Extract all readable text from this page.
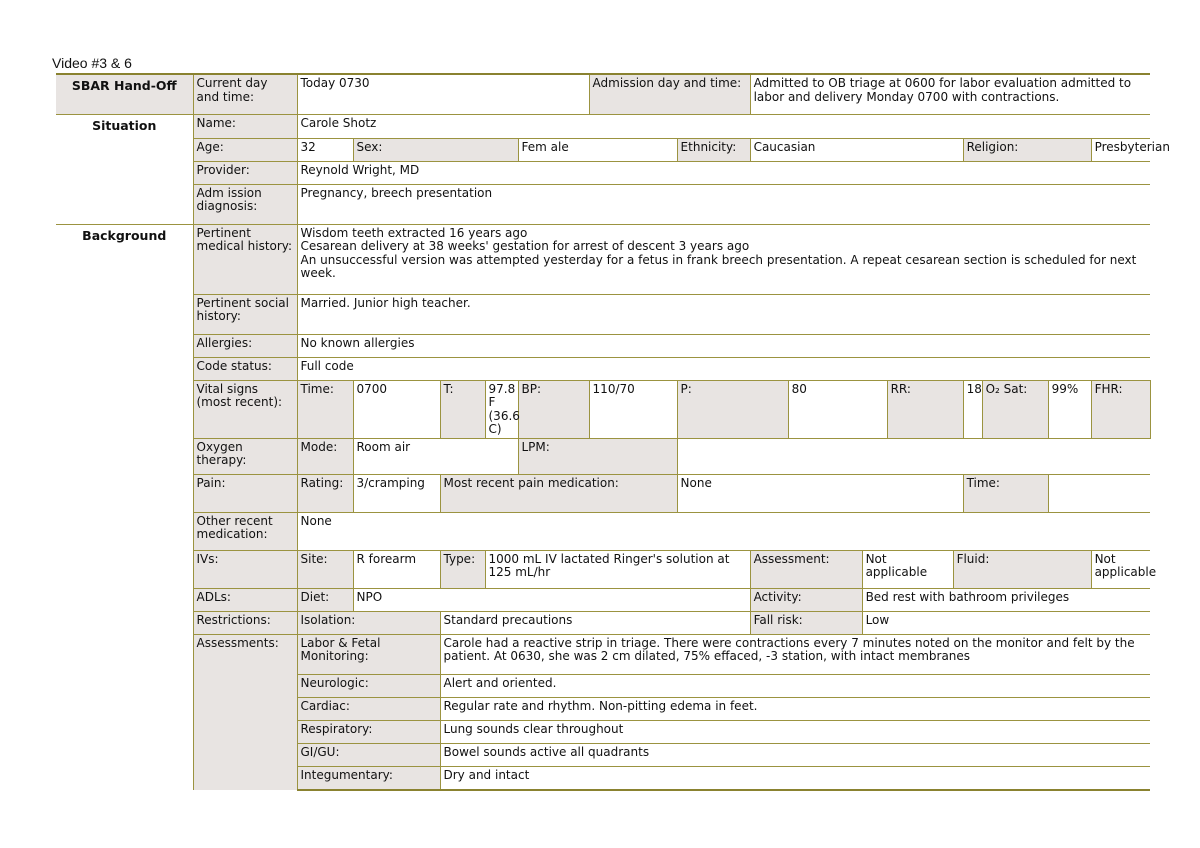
Video #3 & 6
SBAR Hand-Off	Current day and time:	Today 0730					Admission day and time:		Admitted to OB triage at 0600 for labor evaluation admitted to labor and delivery Monday 0700 with contractions.									
Situation	Name:	Carole Shotz																
	Age:	32	Sex:			Fem ale		Ethnicity:	Caucasian					Religion:			Presbyterian	
	Provider:	Reynold Wright, MD																
	Adm ission diagnosis:	Pregnancy, breech presentation																
Background	Pertinent medical history:	Wisdom teeth extracted 16 years ago
Cesarean delivery at 38 weeks' gestation for arrest of descent 3 years ago
An unsuccessful version was attempted yesterday for a fetus in frank breech presentation. A repeat cesarean section is scheduled for next week.																

	Pertinent social history:	Married. Junior high teacher.																
	Allergies:	No known allergies																
	Code status:	Full code																
	Vital signs (most recent):	Time:	0700	T:	97.8 F (36.6 C)	BP:	110/70	P:		80		RR:		18	O₂ Sat:	99%	FHR:	
	Oxygen therapy:	Mode:	Room air			LPM:												
	Pain:	Rating:	3/cramping	Most recent pain medication:				None						Time:				
	Other recent medication:	None																
	IVs:	Site:	R forearm	Type:	1000 mL IV lactated Ringer's solution at 125 mL/hr				Assessment:		Not applicable		Fluid:				Not applicable	
	ADLs:	Diet:	NPO						Activity:		Bed rest with bathroom privileges							
	Restrictions:	Isolation:		Standard precautions					Fall risk:		Low							
	Assessments:	Labor & Fetal Monitoring:		Carole had a reactive strip in triage. There were contractions every 7 minutes noted on the monitor and felt by the patient. At 0630, she was 2 cm dilated, 75% effaced, -3 station, with intact membranes														
		Neurologic:		Alert and oriented.														
		Cardiac:		Regular rate and rhythm. Non-pitting edema in feet.														
		Respiratory:		Lung sounds clear throughout														
		GI/GU:		Bowel sounds active all quadrants														
		Integumentary:		Dry and intact														
